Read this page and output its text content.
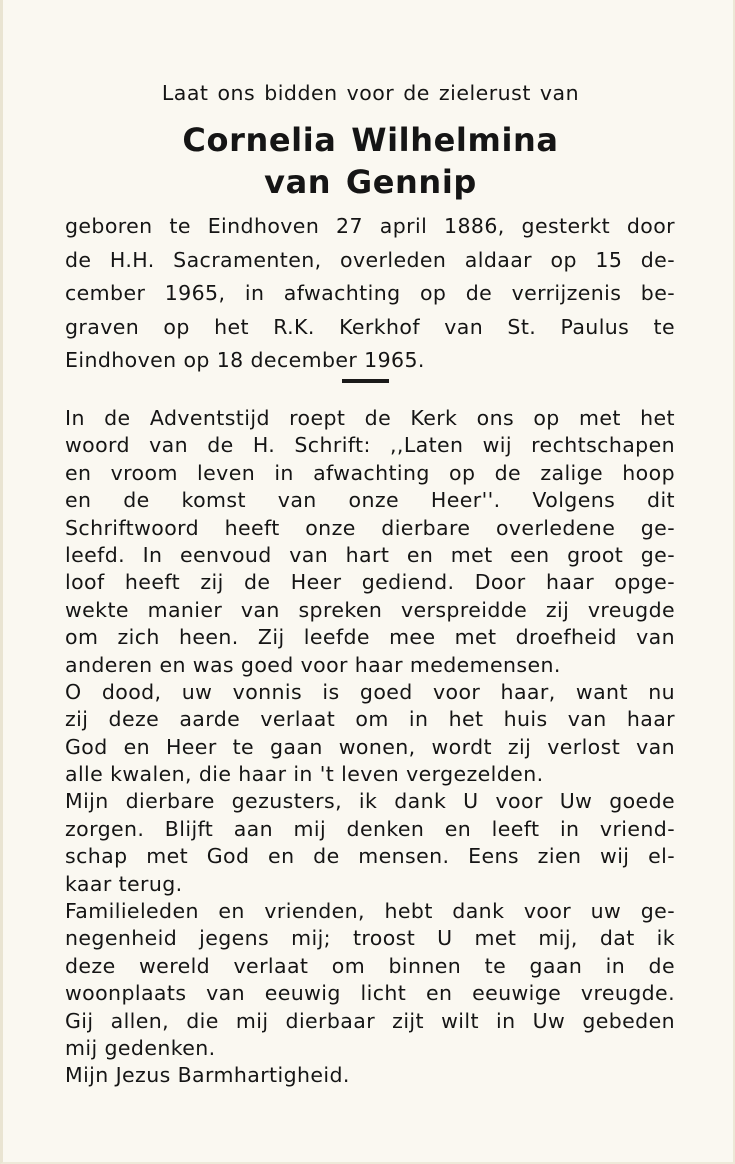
Laat ons bidden voor de zielerust van

Cornelia Wilhelmina
van Gennip
geboren te Eindhoven 27 april 1886, gesterkt door
de H.H. Sacramenten, overleden aldaar op 15 de-
cember 1965, in afwachting op de verrijzenis be-
graven op het R.K. Kerkhof van St. Paulus te
Eindhoven op 18 december 1965.
In de Adventstijd roept de Kerk ons op met het
woord van de H. Schrift: ,,Laten wij rechtschapen
en vroom leven in afwachting op de zalige hoop
en de komst van onze Heer''. Volgens dit
Schriftwoord heeft onze dierbare overledene ge-
leefd. In eenvoud van hart en met een groot ge-
loof heeft zij de Heer gediend. Door haar opge-
wekte manier van spreken verspreidde zij vreugde
om zich heen. Zij leefde mee met droefheid van
anderen en was goed voor haar medemensen.
O dood, uw vonnis is goed voor haar, want nu
zij deze aarde verlaat om in het huis van haar
God en Heer te gaan wonen, wordt zij verlost van
alle kwalen, die haar in 't leven vergezelden.
Mijn dierbare gezusters, ik dank U voor Uw goede
zorgen. Blijft aan mij denken en leeft in vriend-
schap met God en de mensen. Eens zien wij el-
kaar terug.
Familieleden en vrienden, hebt dank voor uw ge-
negenheid jegens mij; troost U met mij, dat ik
deze wereld verlaat om binnen te gaan in de
woonplaats van eeuwig licht en eeuwige vreugde.
Gij allen, die mij dierbaar zijt wilt in Uw gebeden
mij gedenken.
Mijn Jezus Barmhartigheid.
